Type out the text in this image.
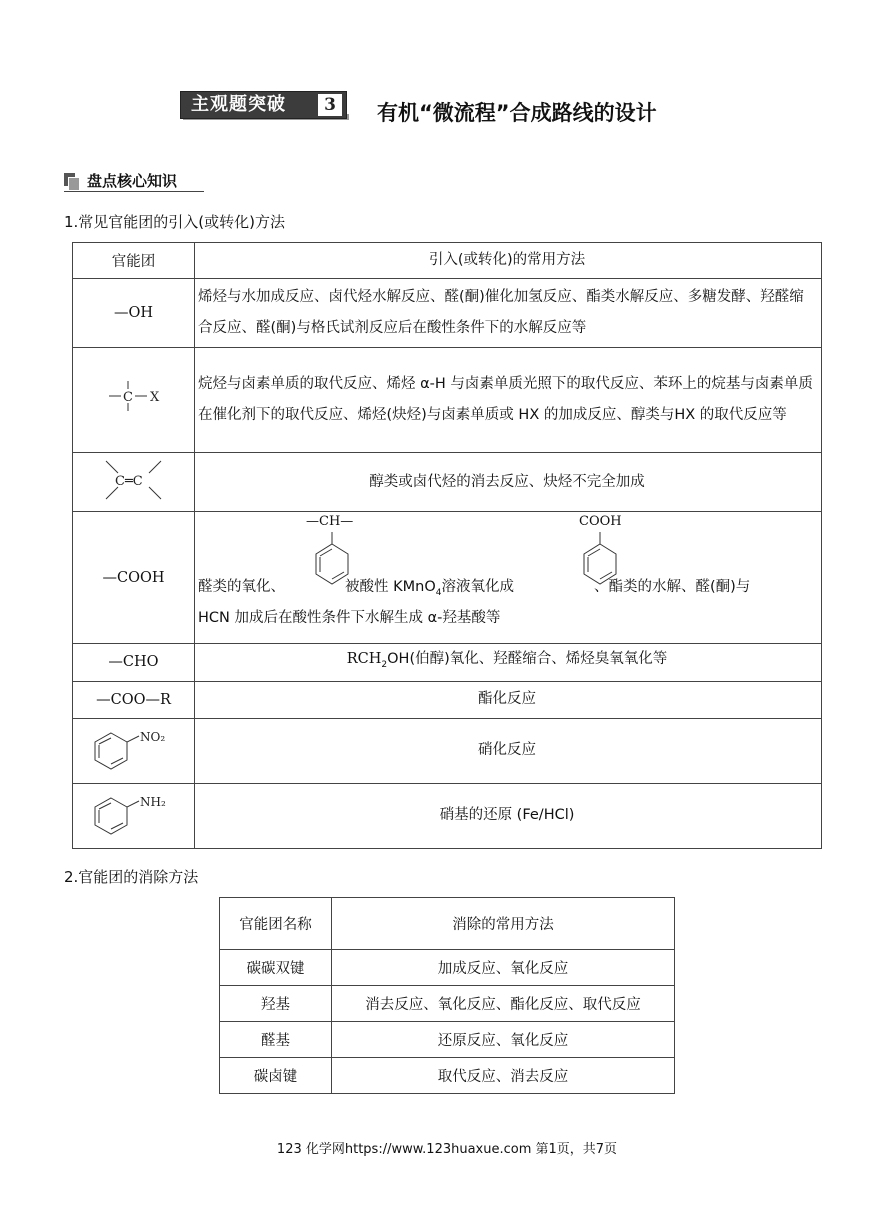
主观题突破	3 有机“微流程”合成路线的设计
盘点核心知识
1.常见官能团的引入(或转化)方法
官能团	引入(或转化)的常用方法
—OH	烯烃与水加成反应、卤代烃水解反应、醛(酮)催化加氢反应、酯类水解反应、多糖发酵、羟醛缩合反应、醛(酮)与格氏试剂反应后在酸性条件下的水解反应等

C X	烷烃与卤素单质的取代反应、烯烃 α-H 与卤素单质光照下的取代反应、苯环上的烷基与卤素单质在催化剂下的取代反应、烯烃(炔烃)与卤素单质或 HX 的加成反应、醇类与HX 的取代反应等

C═C	醇类或卤代烃的消去反应、炔烃不完全加成
—COOH	—CH— COOH
醛类的氧化、 被酸性 KMnO$_4$溶液氧化成 、酯类的水解、醛(酮)与
HCN 加成后在酸性条件下水解生成 α-羟基酸等

—CHO	$RCH_2OH$(伯醇)氧化、羟醛缩合、烯烃臭氧氧化等
—COO—R	酯化反应

NO₂	硝化反应

NH₂	硝基的还原 (Fe/HCl)
2.官能团的消除方法
官能团名称	消除的常用方法
碳碳双键	加成反应、氧化反应
羟基	消去反应、氧化反应、酯化反应、取代反应
醛基	还原反应、氧化反应
碳卤键	取代反应、消去反应
123 化学网https://www.123huaxue.com 第1页，共7页
